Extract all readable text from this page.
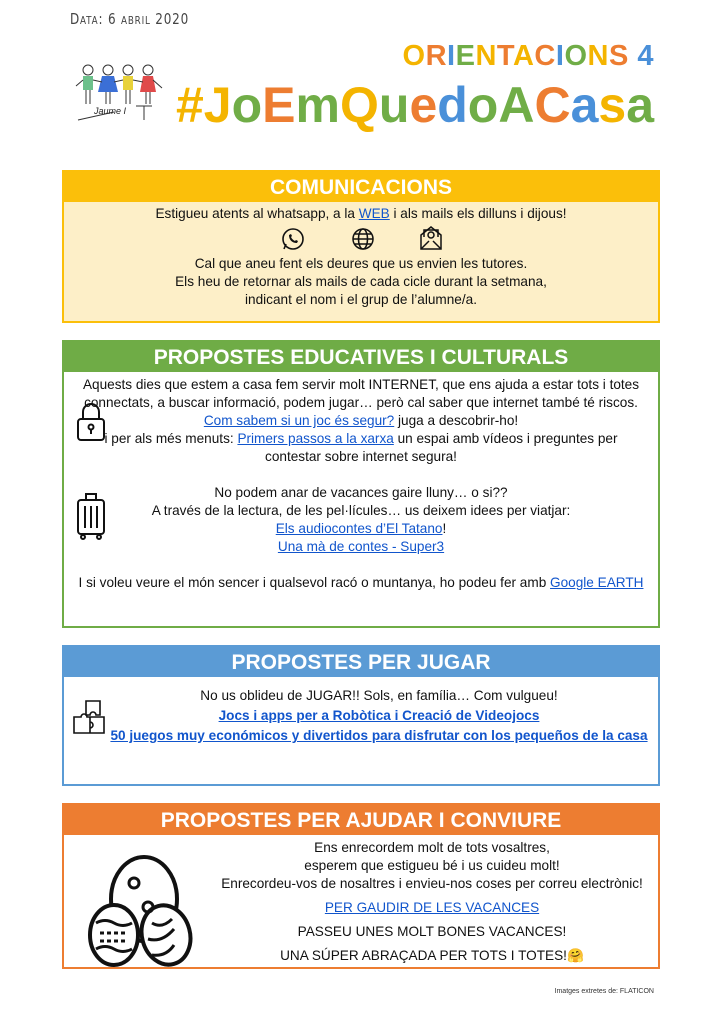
Data: 6 abril 2020
Jaume I
ORIENTACIONS 4
#JoEmQuedoACasa
COMUNICACIONS

Estigueu atents al whatsapp, a la WEB i als mails els dilluns i dijous!

Cal que aneu fent els deures que us envien les tutores.

Els heu de retornar als mails de cada cicle durant la setmana,

indicant el nom i el grup de l’alumne/a.

PROPOSTES EDUCATIVES I CULTURALS

Aquests dies que estem a casa fem servir molt INTERNET, que ens ajuda a estar tots i totes connectats, a buscar informació, podem jugar… però cal saber que internet també té riscos. Com sabem si un joc és segur? juga a descobrir-ho!

i per als més menuts: Primers passos a la xarxa un espai amb vídeos i preguntes per contestar sobre internet segura!

No podem anar de vacances gaire lluny… o si??

A través de la lectura, de les pel·lícules… us deixem idees per viatjar:

Els audiocontes d’El Tatano!

Una mà de contes - Super3

I si voleu veure el món sencer i qualsevol racó o muntanya, ho podeu fer amb Google EARTH

PROPOSTES PER JUGAR

No us oblideu de JUGAR!! Sols, en família… Com vulgueu!

Jocs i apps per a Robòtica i Creació de Videojocs

50 juegos muy económicos y divertidos para disfrutar con los pequeños de la casa

PROPOSTES PER AJUDAR I CONVIURE

Ens enrecordem molt de tots vosaltres,

esperem que estigueu bé i us cuideu molt!

Enrecordeu-vos de nosaltres i envieu-nos coses per correu electrònic!

PER GAUDIR DE LES VACANCES

PASSEU UNES MOLT BONES VACANCES!

UNA SÚPER ABRAÇADA PER TOTS I TOTES!🤗

Imatges extretes de: FLATICON
